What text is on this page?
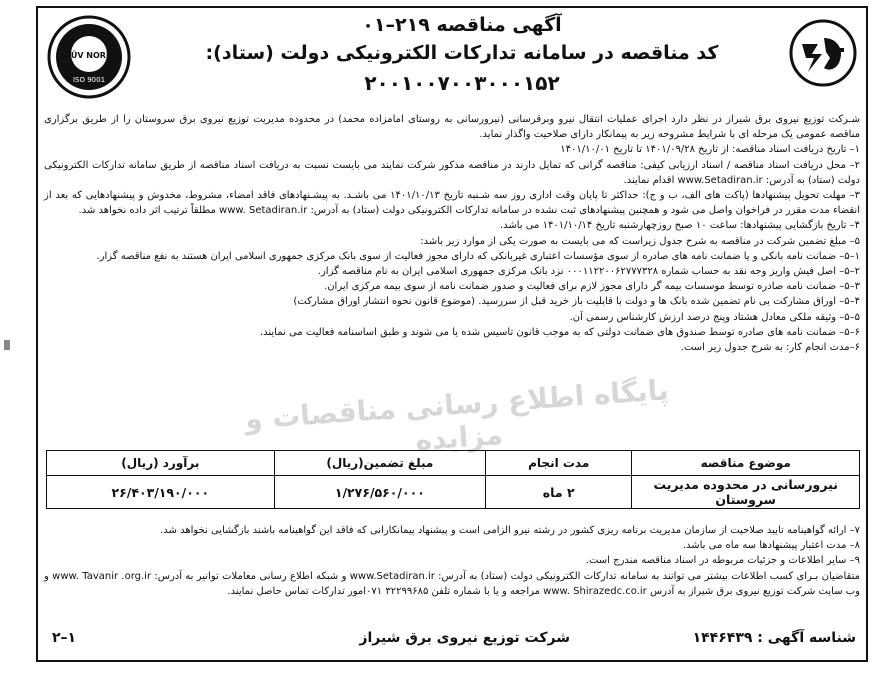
TÜV NORD
ISO 9001
آگهی مناقصه ۲۱۹–۰۱
کد مناقصه در سامانه تدارکات الکترونیکی دولت (ستاد):
۲۰۰۱۰۰۷۰۰۳۰۰۰۱۵۲

شـرکت توزیع نیروی برق شیراز در نظر دارد اجرای عملیات انتقال نیرو وبرقرسانی (نیرورسانی به روستای امامزاده محمد) در محدوده مدیریت توزیع نیروی برق سروستان را از طریق برگزاری مناقصه عمومی یک مرحله ای با شرایط مشروحه زیر به پیمانکار دارای صلاحیت واگذار نماید.

۱– تاریخ دریافت اسناد مناقصه: از تاریخ ۱۴۰۱/۰۹/۲۸ تا تاریخ ۱۴۰۱/۱۰/۰۱

۲– محل دریافت اسناد مناقصه / اسناد ارزیابی کیفی: مناقصه گرانی که تمایل دارند در مناقصه مذکور شرکت نمایند می بایست نسبت به دریافت اسناد مناقصه از طریق سامانه تدارکات الکترونیکی دولت (ستاد) به آدرس: www.Setadiran.ir اقدام نمایند.

۳– مهلت تحویل پیشنهادها (پاکت های الف، ب و ج): حداکثر تا پایان وقت اداری روز سه شـنبه تاریخ ۱۴۰۱/۱۰/۱۳ می باشـد. به پیشـنهادهای فاقد امضاء، مشروط، مخدوش و پیشنهادهایی که بعد از انقضاء مدت مقرر در فراخوان واصل می شود و همچنین پیشنهادهای ثبت نشده در سامانه تدارکات الکترونیکی دولت (ستاد) به آدرس: www. Setadiran.ir مطلقاً ترتیب اثر داده نخواهد شد.

۴– تاریخ بازگشایی پیشنهادها: ساعت ۱۰ صبح روزچهارشنبه تاریخ ۱۴۰۱/۱۰/۱۴ می باشد.

۵– مبلغ تضمین شرکت در مناقصه به شرح جدول زیراست که می بایست به صورت یکی از موارد زیر باشد:

۱–۵– ضمانت نامه بانکی و یا ضمانت نامه های صادره از سوی مؤسسات اعتباری غیربانکی که دارای مجوز فعالیت از سوی بانک مرکزی جمهوری اسلامی ایران هستند به نفع مناقصه گزار.

۲–۵– اصل فیش واریز وجه نقد به حساب شماره ۰۰۰۱۱۲۲۰۰۶۲۷۷۷۳۲۸ نزد بانک مرکزی جمهوری اسلامی ایران به نام مناقصه گزار.

۳–۵– ضمانت نامه صادره توسط موسسات بیمه گر دارای مجوز لازم برای فعالیت و صدور ضمانت نامه از سوی بیمه مرکزی ایران.

۴–۵– اوراق مشارکت بی نام تضمین شده بانک ها و دولت با قابلیت باز خرید قبل از سررسید. (موضوع قانون نحوه انتشار اوراق مشارکت)

۵–۵– وثیقه ملکی معادل هشتاد وپنج درصد ارزش کارشناس رسمی آن.

۶–۵– ضمانت نامه های صادره توسط صندوق های ضمانت دولتی که به موجب قانون تاسیس شده یا می شوند و طبق اساسنامه فعالیت می نمایند.

۶–مدت انجام کار: به شرح جدول زیر است.

پایگاه اطلاع رسانی مناقصات و مزایده
موضوع مناقصه	مدت انجام	مبلغ تضمین(ریال)	برآورد (ریال)
نیرورسانی در محدوده مدیریت سروستان	۲ ماه	۱/۲۷۶/۵۶۰/۰۰۰	۲۶/۴۰۳/۱۹۰/۰۰۰

۷– ارائه گواهینامه تایید صلاحیت از سازمان مدیریت برنامه ریزی کشور در رشته نیرو الزامی است و پیشنهاد پیمانکارانی که فاقد این گواهینامه باشند بازگشایی نخواهد شد.

۸– مدت اعتبار پیشنهادها سه ماه می باشد.

۹– سایر اطلاعات و جزئیات مربوطه در اسناد مناقصه مندرج است.

متقاضیان بـرای کسب اطلاعات بیشتر می توانند به سامانه تدارکات الکترونیکی دولت (ستاد) به آدرس: www.Setadiran.ir و شبکه اطلاع رسانی معاملات توانیر به آدرس: www. Tavanir .org.ir و وب سایت شرکت توزیع نیروی برق شیراز به آدرس www. Shirazedc.co.ir مراجعه و یا با شماره تلفن ۳۲۲۹۹۶۸۵ ۰۷۱امور تدارکات تماس حاصل نمایند.

شناسه آگهی : ۱۴۴۶۴۳۹
شرکت توزیع نیروی برق شیراز
۱–۲
